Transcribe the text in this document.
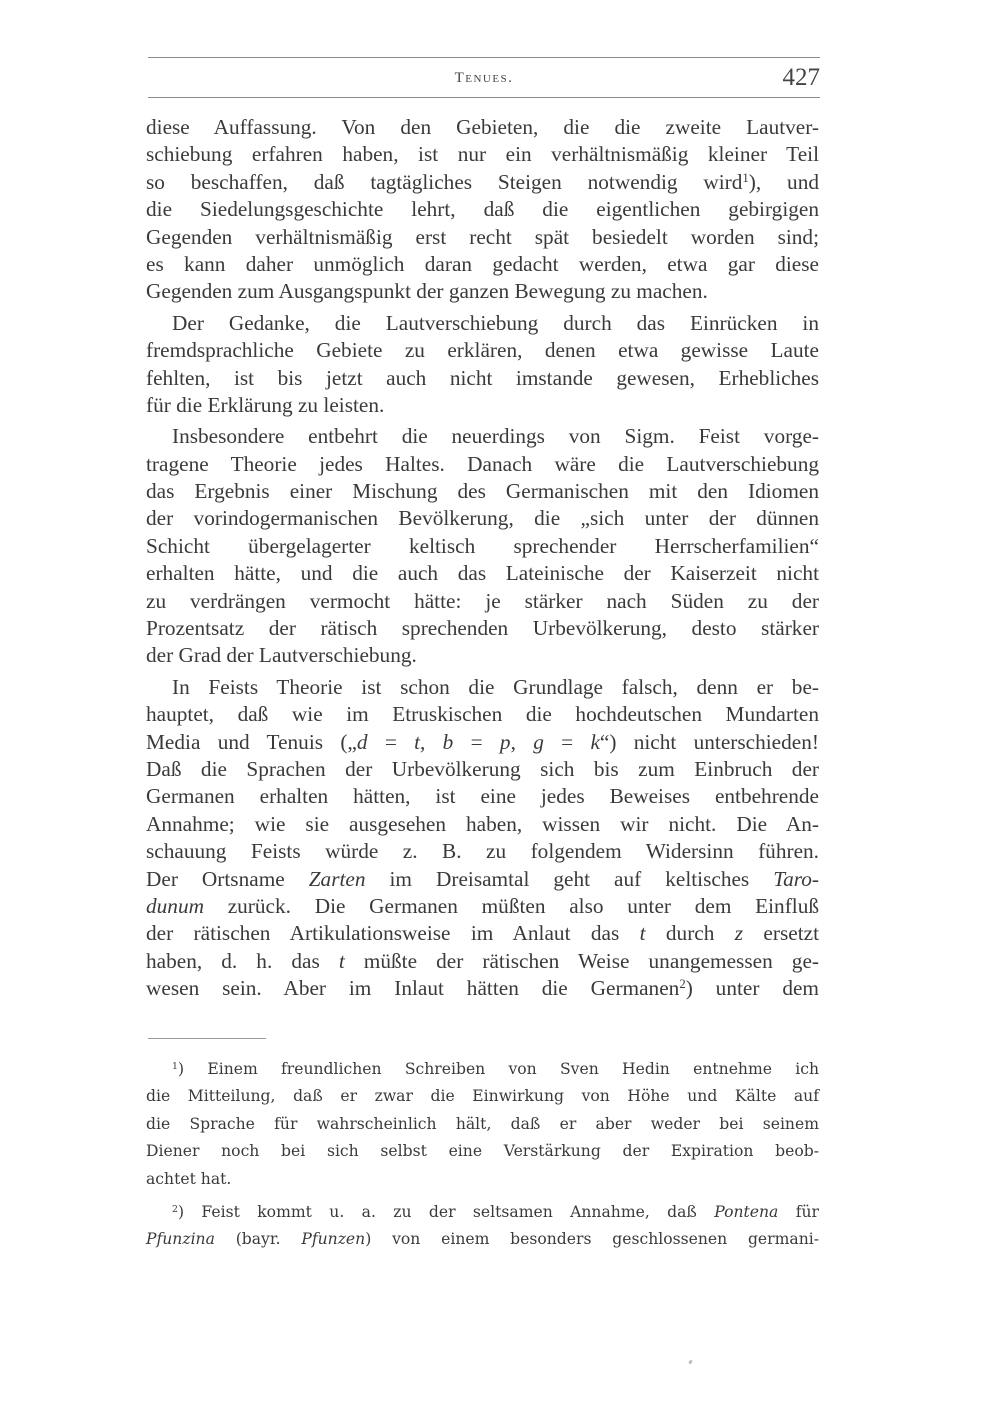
Tenues.	427
diese Auffassung. Von den Gebieten, die die zweite Lautver-
schiebung erfahren haben, ist nur ein verhältnismäßig kleiner Teil
so beschaffen, daß tagtägliches Steigen notwendig wird$^1$), und
die Siedelungsgeschichte lehrt, daß die eigentlichen gebirgigen
Gegenden verhältnismäßig erst recht spät besiedelt worden sind;
es kann daher unmöglich daran gedacht werden, etwa gar diese
Gegenden zum Ausgangspunkt der ganzen Bewegung zu machen.
Der Gedanke, die Lautverschiebung durch das Einrücken in
fremdsprachliche Gebiete zu erklären, denen etwa gewisse Laute
fehlten, ist bis jetzt auch nicht imstande gewesen, Erhebliches
für die Erklärung zu leisten.
Insbesondere entbehrt die neuerdings von Sigm. Feist vorge-
tragene Theorie jedes Haltes. Danach wäre die Lautverschiebung
das Ergebnis einer Mischung des Germanischen mit den Idiomen
der vorindogermanischen Bevölkerung, die „sich unter der dünnen
Schicht übergelagerter keltisch sprechender Herrscherfamilien“
erhalten hätte, und die auch das Lateinische der Kaiserzeit nicht
zu verdrängen vermocht hätte: je stärker nach Süden zu der
Prozentsatz der rätisch sprechenden Urbevölkerung, desto stärker
der Grad der Lautverschiebung.
In Feists Theorie ist schon die Grundlage falsch, denn er be-
hauptet, daß wie im Etruskischen die hochdeutschen Mundarten
Media und Tenuis („d = t, b = p, g = k“) nicht unterschieden!
Daß die Sprachen der Urbevölkerung sich bis zum Einbruch der
Germanen erhalten hätten, ist eine jedes Beweises entbehrende
Annahme; wie sie ausgesehen haben, wissen wir nicht. Die An-
schauung Feists würde z. B. zu folgendem Widersinn führen.
Der Ortsname Zarten im Dreisamtal geht auf keltisches Taro-
dunum zurück. Die Germanen müßten also unter dem Einfluß
der rätischen Artikulationsweise im Anlaut das t durch z ersetzt
haben, d. h. das t müßte der rätischen Weise unangemessen ge-
wesen sein. Aber im Inlaut hätten die Germanen$^2$) unter dem
$^1$) Einem freundlichen Schreiben von Sven Hedin entnehme ich
die Mitteilung, daß er zwar die Einwirkung von Höhe und Kälte auf
die Sprache für wahrscheinlich hält, daß er aber weder bei seinem
Diener noch bei sich selbst eine Verstärkung der Expiration beob-
achtet hat.
$^2$) Feist kommt u. a. zu der seltsamen Annahme, daß Pontena für
Pfunzina (bayr. Pfunzen) von einem besonders geschlossenen germani-
